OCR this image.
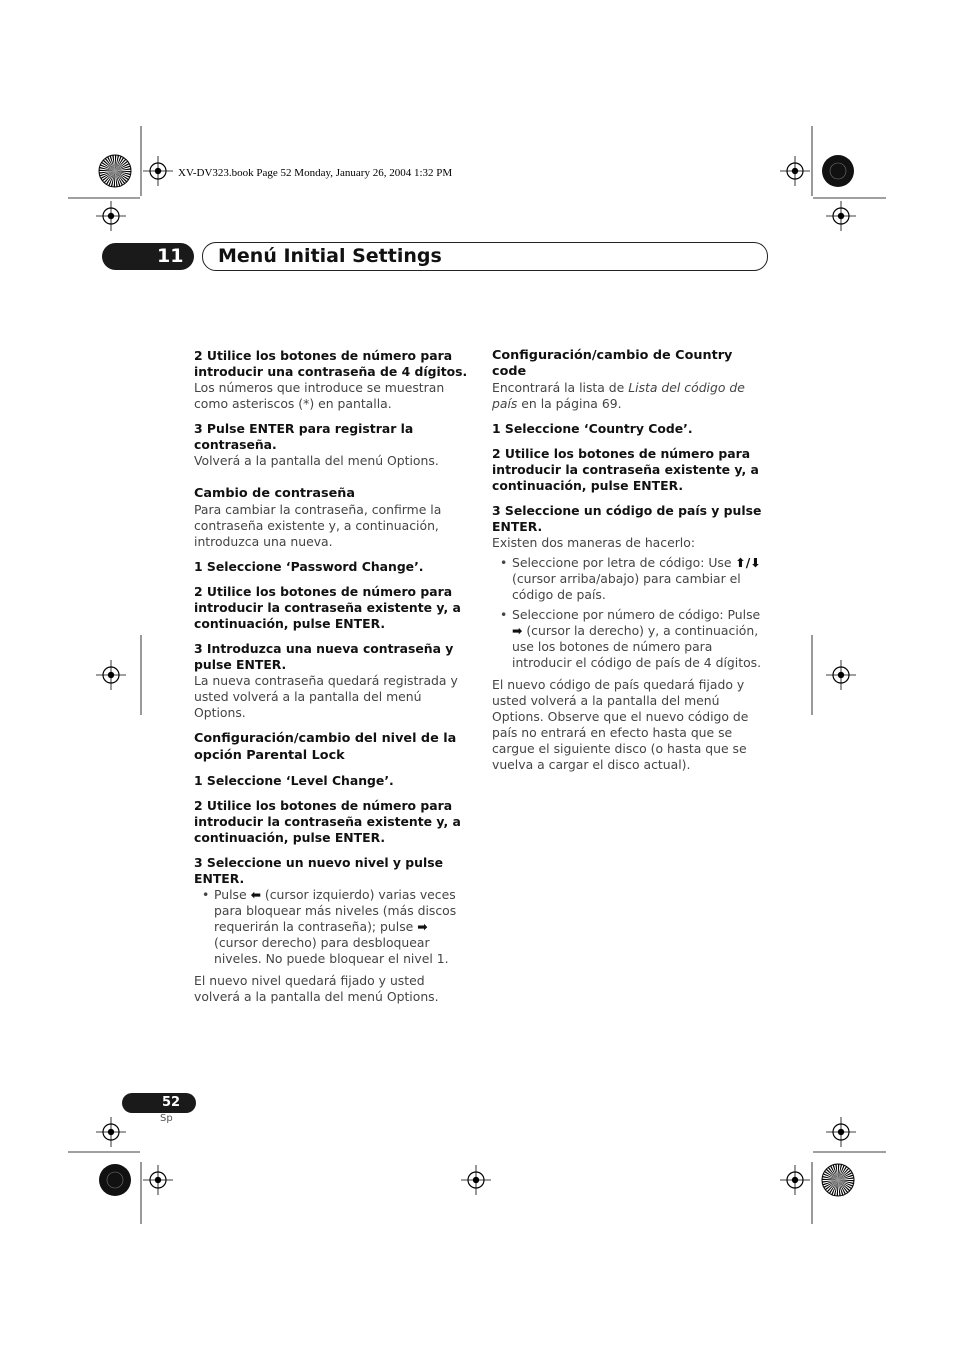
XV-DV323.book Page 52 Monday, January 26, 2004 1:32 PM
11	Menú Initial Settings

2 Utilice los botones de número para introducir una contraseña de 4 dígitos.

Los números que introduce se muestran como asteriscos (*) en pantalla.

3 Pulse ENTER para registrar la contraseña.

Volverá a la pantalla del menú Options.

Cambio de contraseña

Para cambiar la contraseña, confirme la contraseña existente y, a continuación, introduzca una nueva.

1 Seleccione ‘Password Change’.

2 Utilice los botones de número para introducir la contraseña existente y, a continuación, pulse ENTER.

3 Introduzca una nueva contraseña y pulse ENTER.

La nueva contraseña quedará registrada y usted volverá a la pantalla del menú Options.

Configuración/cambio del nivel de la opción Parental Lock

1 Seleccione ‘Level Change’.

2 Utilice los botones de número para introducir la contraseña existente y, a continuación, pulse ENTER.

3 Seleccione un nuevo nivel y pulse ENTER.

• Pulse ⬅ (cursor izquierdo) varias veces para bloquear más niveles (más discos requerirán la contraseña); pulse ➡ (cursor derecho) para desbloquear niveles. No puede bloquear el nivel 1.

El nuevo nivel quedará fijado y usted volverá a la pantalla del menú Options.

Configuración/cambio de Country code

Encontrará la lista de Lista del código de país en la página 69.

1 Seleccione ‘Country Code’.

2 Utilice los botones de número para introducir la contraseña existente y, a continuación, pulse ENTER.

3 Seleccione un código de país y pulse ENTER.

Existen dos maneras de hacerlo:

• Seleccione por letra de código: Use ⬆/⬇ (cursor arriba/abajo) para cambiar el código de país.
• Seleccione por número de código: Pulse ➡ (cursor la derecho) y, a continuación, use los botones de número para introducir el código de país de 4 dígitos.

El nuevo código de país quedará fijado y usted volverá a la pantalla del menú Options. Observe que el nuevo código de país no entrará en efecto hasta que se cargue el siguiente disco (o hasta que se vuelva a cargar el disco actual).

52
Sp
